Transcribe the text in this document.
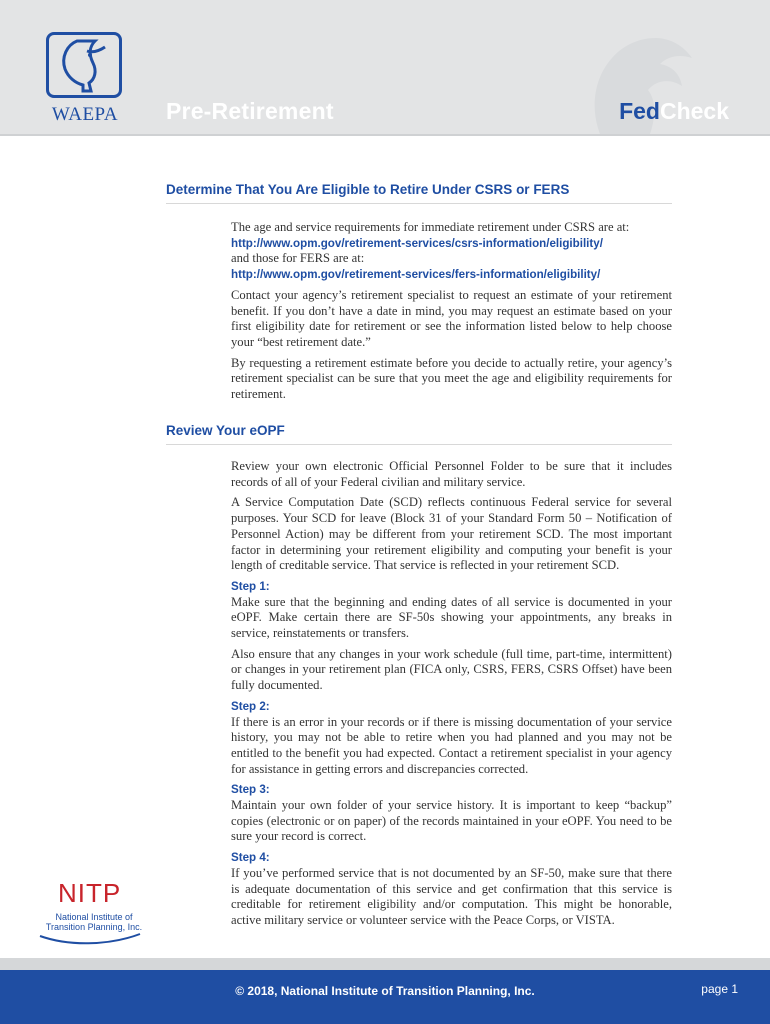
WAEPA	Pre-Retirement	FedCheck
Determine That You Are Eligible to Retire Under CSRS or FERS

The age and service requirements for immediate retirement under CSRS are at:
http://www.opm.gov/retirement-services/csrs-information/eligibility/
and those for FERS are at:
http://www.opm.gov/retirement-services/fers-information/eligibility/

Contact your agency’s retirement specialist to request an estimate of your retirement benefit. If you don’t have a date in mind, you may request an estimate based on your first eligibility date for retirement or see the information listed below to help choose your “best retirement date.”

By requesting a retirement estimate before you decide to actually retire, your agency’s retirement specialist can be sure that you meet the age and eligibility requirements for retirement.

Review Your eOPF

Review your own electronic Official Personnel Folder to be sure that it includes records of all of your Federal civilian and military service.

A Service Computation Date (SCD) reflects continuous Federal service for several purposes. Your SCD for leave (Block 31 of your Standard Form 50 – Notification of Personnel Action) may be different from your retirement SCD. The most important factor in determining your retirement eligibility and computing your benefit is your length of creditable service. That service is reflected in your retirement SCD.

Step 1:

Make sure that the beginning and ending dates of all service is documented in your eOPF. Make certain there are SF-50s showing your appointments, any breaks in service, reinstatements or transfers.

Also ensure that any changes in your work schedule (full time, part-time, intermittent) or changes in your retirement plan (FICA only, CSRS, FERS, CSRS Offset) have been fully documented.

Step 2:

If there is an error in your records or if there is missing documentation of your service history, you may not be able to retire when you had planned and you may not be entitled to the benefit you had expected. Contact a retirement specialist in your agency for assistance in getting errors and discrepancies corrected.

Step 3:

Maintain your own folder of your service history. It is important to keep “backup” copies (electronic or on paper) of the records maintained in your eOPF. You need to be sure your record is correct.

Step 4:

If you’ve performed service that is not documented by an SF-50, make sure that there is adequate documentation of this service and get confirmation that this service is creditable for retirement eligibility and/or computation. This might be honorable, active military service or volunteer service with the Peace Corps, or VISTA.

NITP
National Institute of
Transition Planning, Inc.
© 2018, National Institute of Transition Planning, Inc.	page 1
